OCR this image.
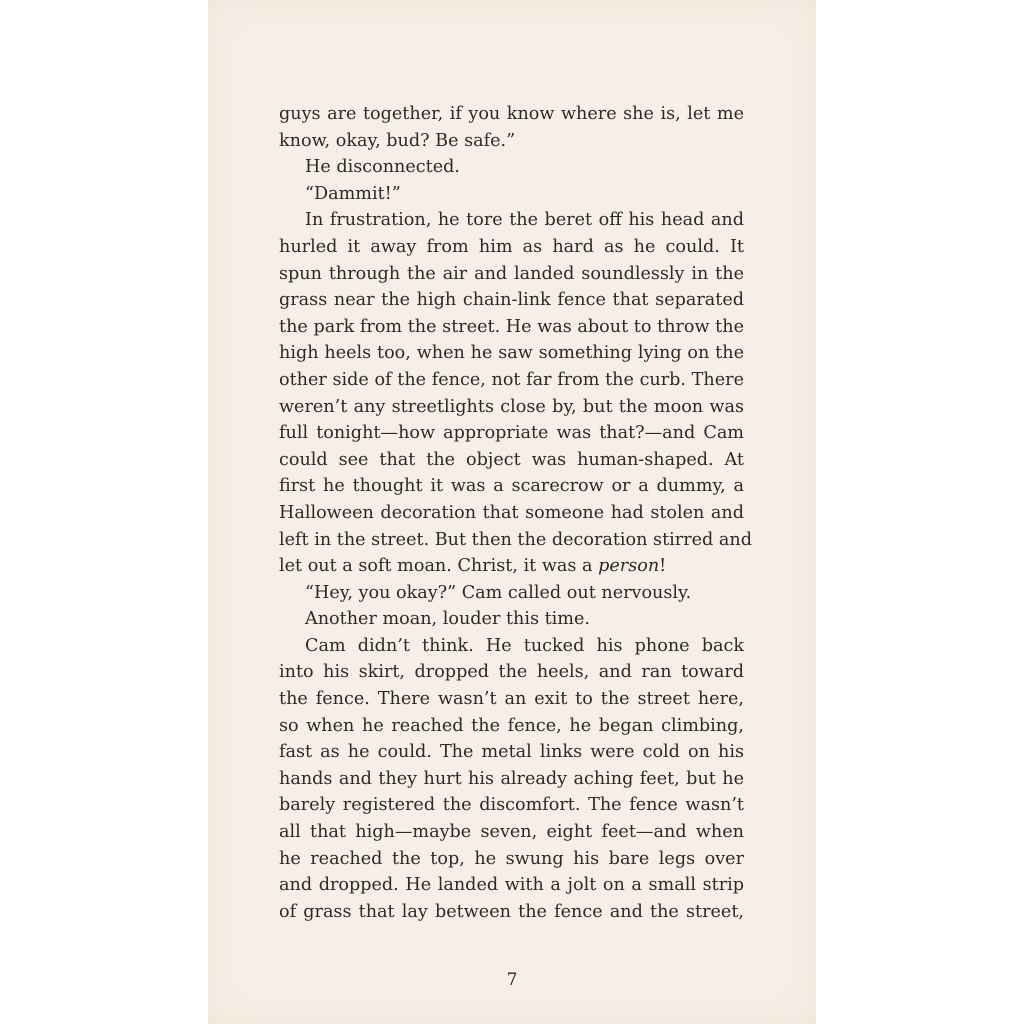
guys are together, if you know where she is, let me
know, okay, bud? Be safe.”
He disconnected.
“Dammit!”
In frustration, he tore the beret off his head and
hurled it away from him as hard as he could. It
spun through the air and landed soundlessly in the
grass near the high chain-link fence that separated
the park from the street. He was about to throw the
high heels too, when he saw something lying on the
other side of the fence, not far from the curb. There
weren’t any streetlights close by, but the moon was
full tonight—how appropriate was that?—and Cam
could see that the object was human-shaped. At
first he thought it was a scarecrow or a dummy, a
Halloween decoration that someone had stolen and
left in the street. But then the decoration stirred and
let out a soft moan. Christ, it was a person!
“Hey, you okay?” Cam called out nervously.
Another moan, louder this time.
Cam didn’t think. He tucked his phone back
into his skirt, dropped the heels, and ran toward
the fence. There wasn’t an exit to the street here,
so when he reached the fence, he began climbing,
fast as he could. The metal links were cold on his
hands and they hurt his already aching feet, but he
barely registered the discomfort. The fence wasn’t
all that high—maybe seven, eight feet—and when
he reached the top, he swung his bare legs over
and dropped. He landed with a jolt on a small strip
of grass that lay between the fence and the street,
7
